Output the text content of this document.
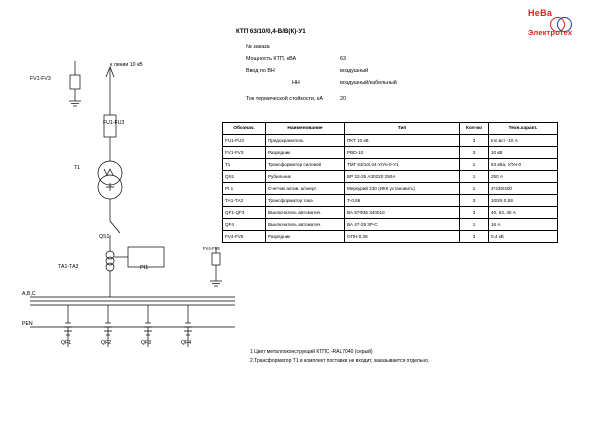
НеВа
Электротех
КТП 63/10/0,4-В/В(К)-У1
№ заказа
Мощность КТП, кВА	63
Ввод по ВН	воздушный
НН	воздушный/кабельный
Ток термической стойкости, кА	20
Обознач.	Наименование	Тип	Кол-во	Техн.характ.
FU1-FU3	Предохранитель	ПКТ 10 кВ	3	Iпл.вст -10 А
FV1-FV3	Разрядник	РВО-10	3	10 кВ
Т1	Трансформатор силовой	ТМГ 63/10/,04-У/Ун-0-У1	1	63 кВа, У/Ун-0
QS1	Рубильник	ВР 32-35 А30220 250А	1	250 А
PI 1	Счетчик актив. а/энерг.	Меркурий 230 (ИКК установить)	1	3*230/400
ТА1-ТА3	Трансформатор тока	Т-0,66	3	100/5 0,5S
QF1-QF3	Выключатель автоматич.	ВА 57Ф35 340010	3	40, 63, 40 А
QF4	Выключатель автоматич.	ВА 47-29 3Р-С	1	16 А
FV4-FV6	Разрядник	ОПН-0,38	3	0,4 кВ
1 Цвет металлоконструкций КТПС -RAL7040 (серый)
2.Трансформатор Т1 в комплект поставки не входит, заказывается отдельно.
к линии 10 кВ
FV1-FV3
FU1-FU3
Т1
QS1
ТА1-ТА3	PI1
FV4-FV6
A,B,C
PEN
QF1	QF2	QF3	QF4
